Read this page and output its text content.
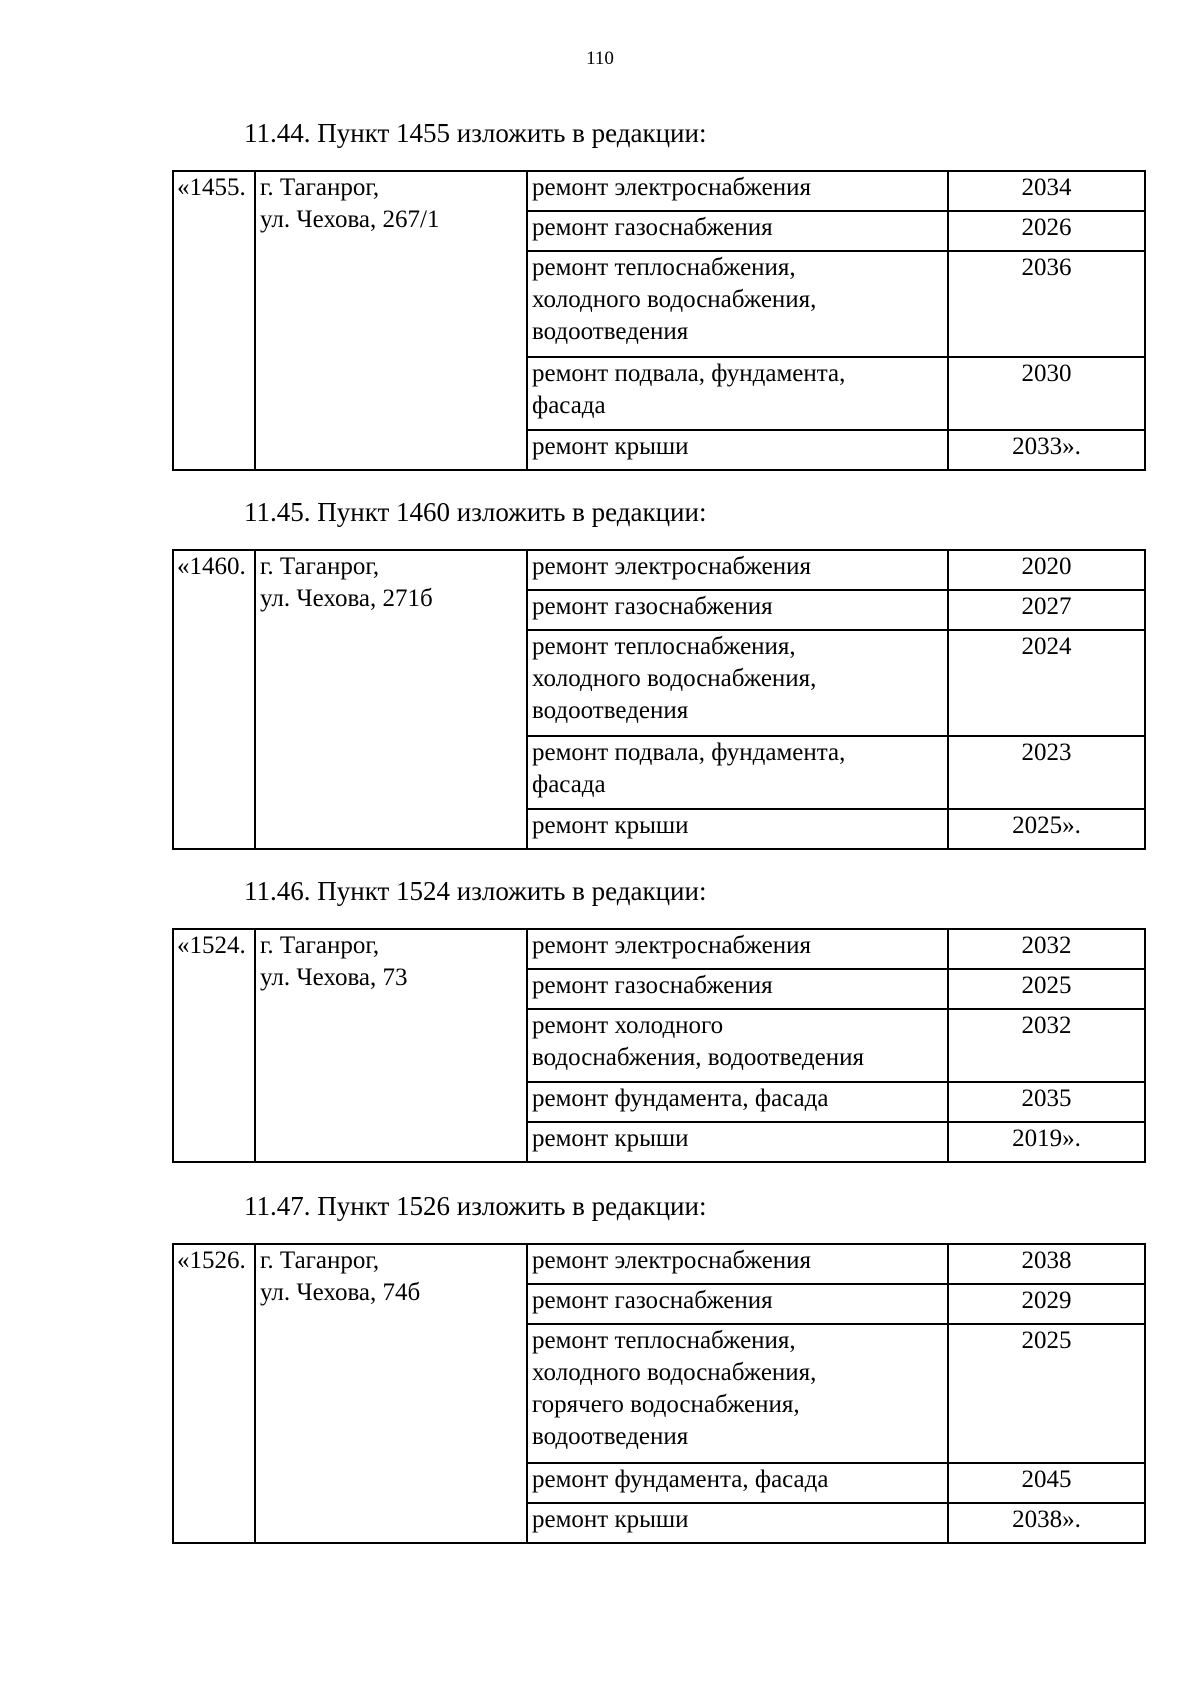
110
11.44. Пункт 1455 изложить в редакции:
«1455.	г. Таганрог,
ул. Чехова, 267/1	ремонт электроснабжения	2034
		ремонт газоснабжения	2026
		ремонт теплоснабжения,
холодного водоснабжения,
водоотведения	2036
		ремонт подвала, фундамента,
фасада	2030
		ремонт крыши	2033».
11.45. Пункт 1460 изложить в редакции:
«1460.	г. Таганрог,
ул. Чехова, 271б	ремонт электроснабжения	2020
		ремонт газоснабжения	2027
		ремонт теплоснабжения,
холодного водоснабжения,
водоотведения	2024
		ремонт подвала, фундамента,
фасада	2023
		ремонт крыши	2025».
11.46. Пункт 1524 изложить в редакции:
«1524.	г. Таганрог,
ул. Чехова, 73	ремонт электроснабжения	2032
		ремонт газоснабжения	2025
		ремонт холодного
водоснабжения, водоотведения	2032
		ремонт фундамента, фасада	2035
		ремонт крыши	2019».
11.47. Пункт 1526 изложить в редакции:
«1526.	г. Таганрог,
ул. Чехова, 74б	ремонт электроснабжения	2038
		ремонт газоснабжения	2029
		ремонт теплоснабжения,
холодного водоснабжения,
горячего водоснабжения,
водоотведения	2025
		ремонт фундамента, фасада	2045
		ремонт крыши	2038».
